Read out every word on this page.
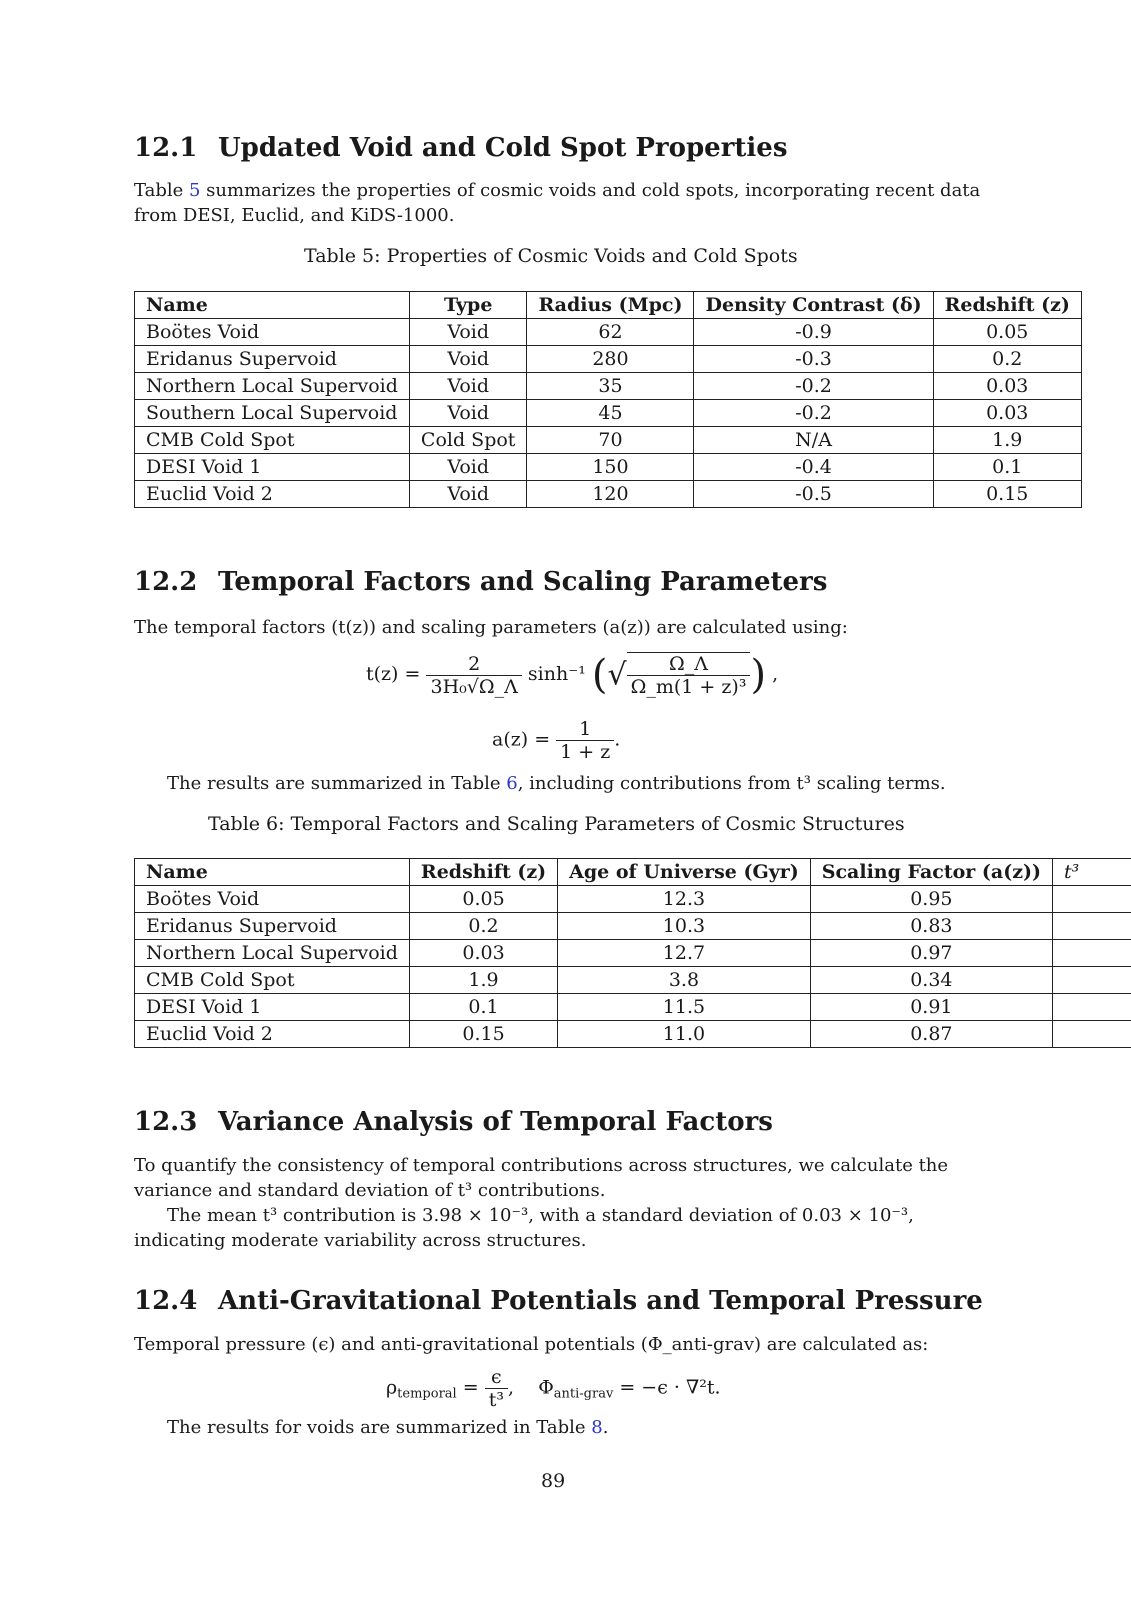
12.1 Updated Void and Cold Spot Properties
Table 5 summarizes the properties of cosmic voids and cold spots, incorporating recent data from DESI, Euclid, and KiDS-1000.
Table 5: Properties of Cosmic Voids and Cold Spots
Name	Type	Radius (Mpc)	Density Contrast (δ)	Redshift (z)
Boötes Void	Void	62	-0.9	0.05
Eridanus Supervoid	Void	280	-0.3	0.2
Northern Local Supervoid	Void	35	-0.2	0.03
Southern Local Supervoid	Void	45	-0.2	0.03
CMB Cold Spot	Cold Spot	70	N/A	1.9
DESI Void 1	Void	150	-0.4	0.1
Euclid Void 2	Void	120	-0.5	0.15
12.2 Temporal Factors and Scaling Parameters
The temporal factors (t(z)) and scaling parameters (a(z)) are calculated using:
$t(z) = \frac{2}{\text{3H₀√Ω\_Λ}} \sinh^{-1}$ (√ $\frac{\Omega\_\Lambda}{\text{Ω\_m(1 + z)³}}$ ) ,
$a(z) = \frac{1}{1 + z}$ .
The results are summarized in Table 6, including contributions from t³ scaling terms.
Table 6: Temporal Factors and Scaling Parameters of Cosmic Structures
Name	Redshift (z)	Age of Universe (Gyr)	Scaling Factor (a(z))	t³
Boötes Void	0.05	12.3	0.95	
Eridanus Supervoid	0.2	10.3	0.83	
Northern Local Supervoid	0.03	12.7	0.97	
CMB Cold Spot	1.9	3.8	0.34	
DESI Void 1	0.1	11.5	0.91	
Euclid Void 2	0.15	11.0	0.87	
12.3 Variance Analysis of Temporal Factors
To quantify the consistency of temporal contributions across structures, we calculate the variance and standard deviation of t³ contributions.
The mean t³ contribution is 3.98 × 10⁻³, with a standard deviation of 0.03 × 10⁻³, indicating moderate variability across structures.
12.4 Anti-Gravitational Potentials and Temporal Pressure
Temporal pressure (ϵ) and anti-gravitational potentials (Φ_anti-grav) are calculated as:
$\rho_{temporal} = \frac{\epsilon}{\text{t³}}$ , $\Phi_{anti-grav} = -\epsilon \cdot \nabla^2t$.
The results for voids are summarized in Table 8.
89
